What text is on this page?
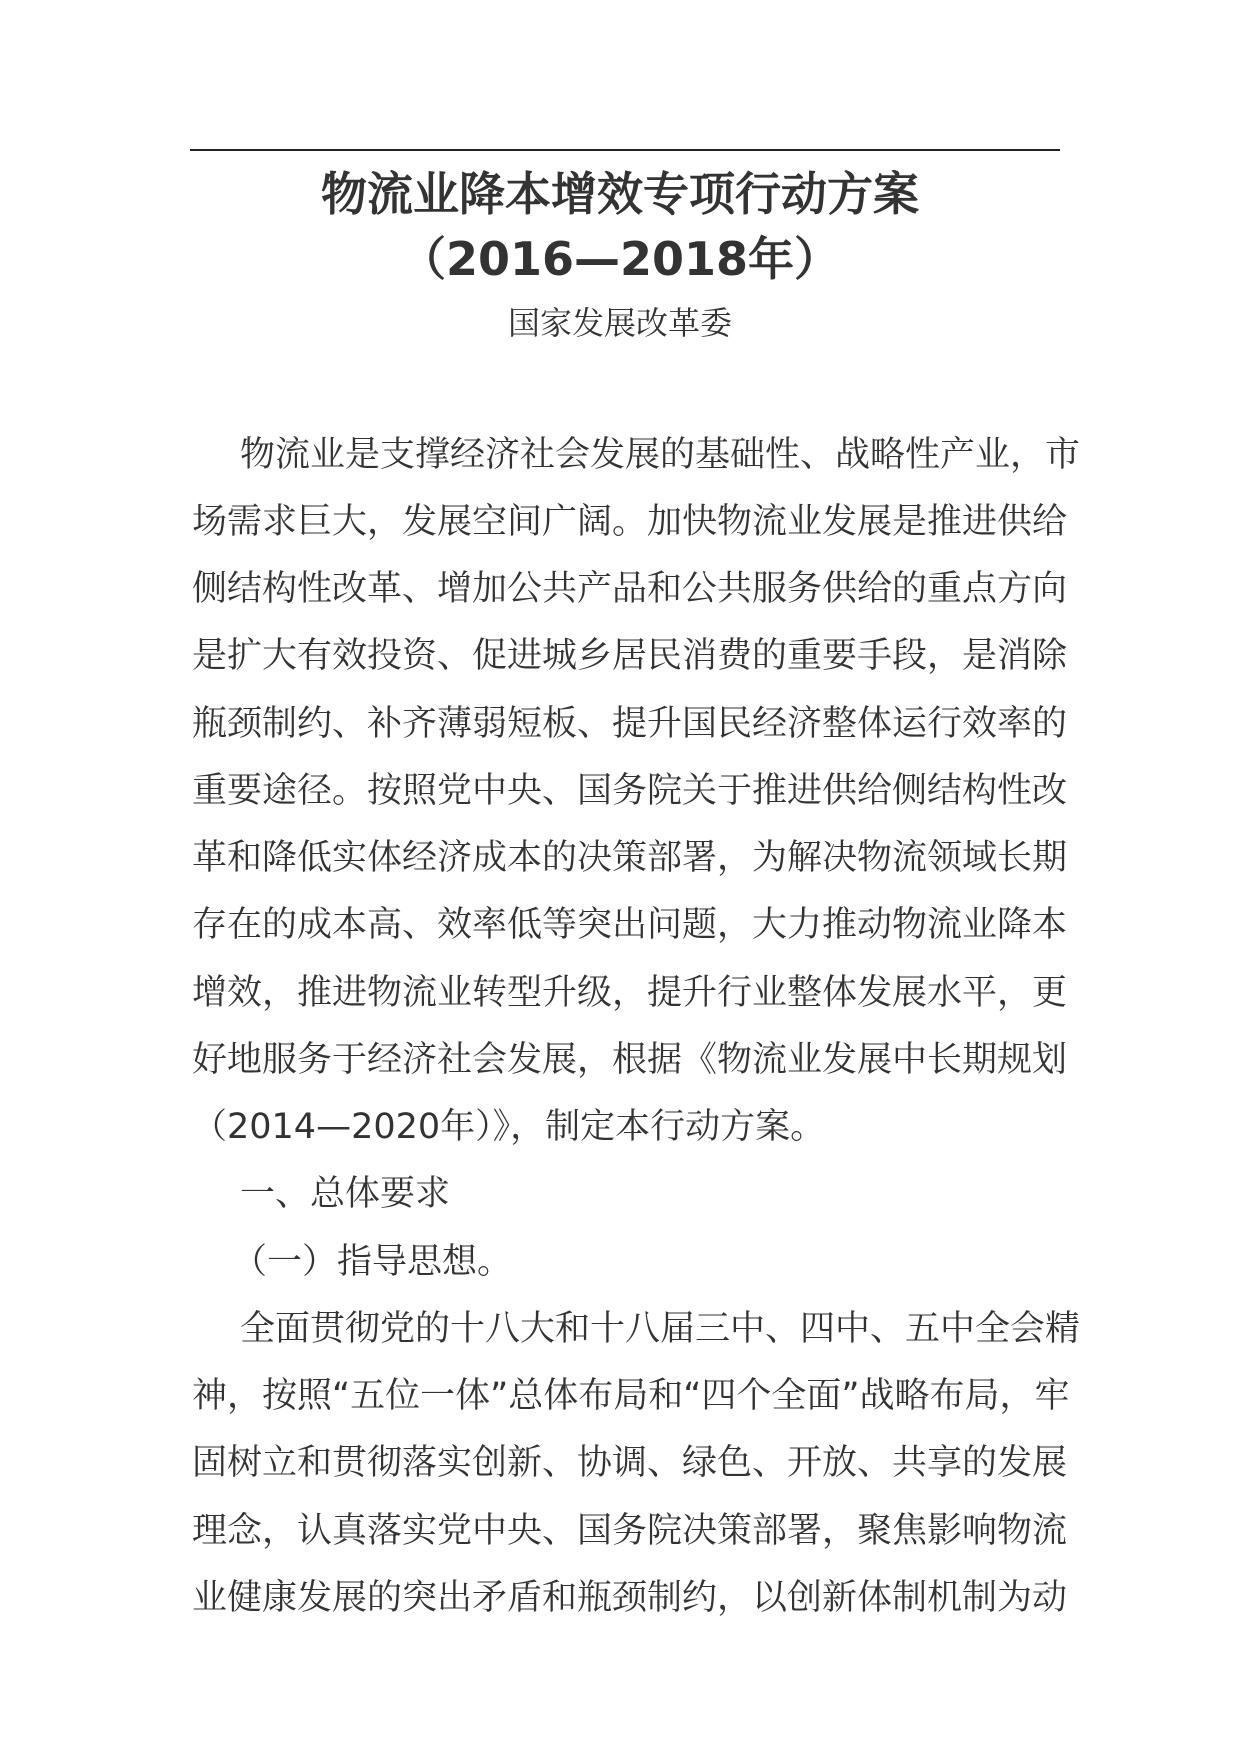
物流业降本增效专项行动方案
（2016—2018年）
国家发展改革委
物流业是支撑经济社会发展的基础性、战略性产业，市
场需求巨大，发展空间广阔。加快物流业发展是推进供给
侧结构性改革、增加公共产品和公共服务供给的重点方向
是扩大有效投资、促进城乡居民消费的重要手段，是消除
瓶颈制约、补齐薄弱短板、提升国民经济整体运行效率的
重要途径。按照党中央、国务院关于推进供给侧结构性改
革和降低实体经济成本的决策部署，为解决物流领域长期
存在的成本高、效率低等突出问题，大力推动物流业降本
增效，推进物流业转型升级，提升行业整体发展水平，更
好地服务于经济社会发展，根据《物流业发展中长期规划
（2014—2020年）》，制定本行动方案。
一、总体要求
（一）指导思想。
全面贯彻党的十八大和十八届三中、四中、五中全会精
神，按照“五位一体”总体布局和“四个全面”战略布局，牢
固树立和贯彻落实创新、协调、绿色、开放、共享的发展
理念，认真落实党中央、国务院决策部署，聚焦影响物流
业健康发展的突出矛盾和瓶颈制约，以创新体制机制为动
